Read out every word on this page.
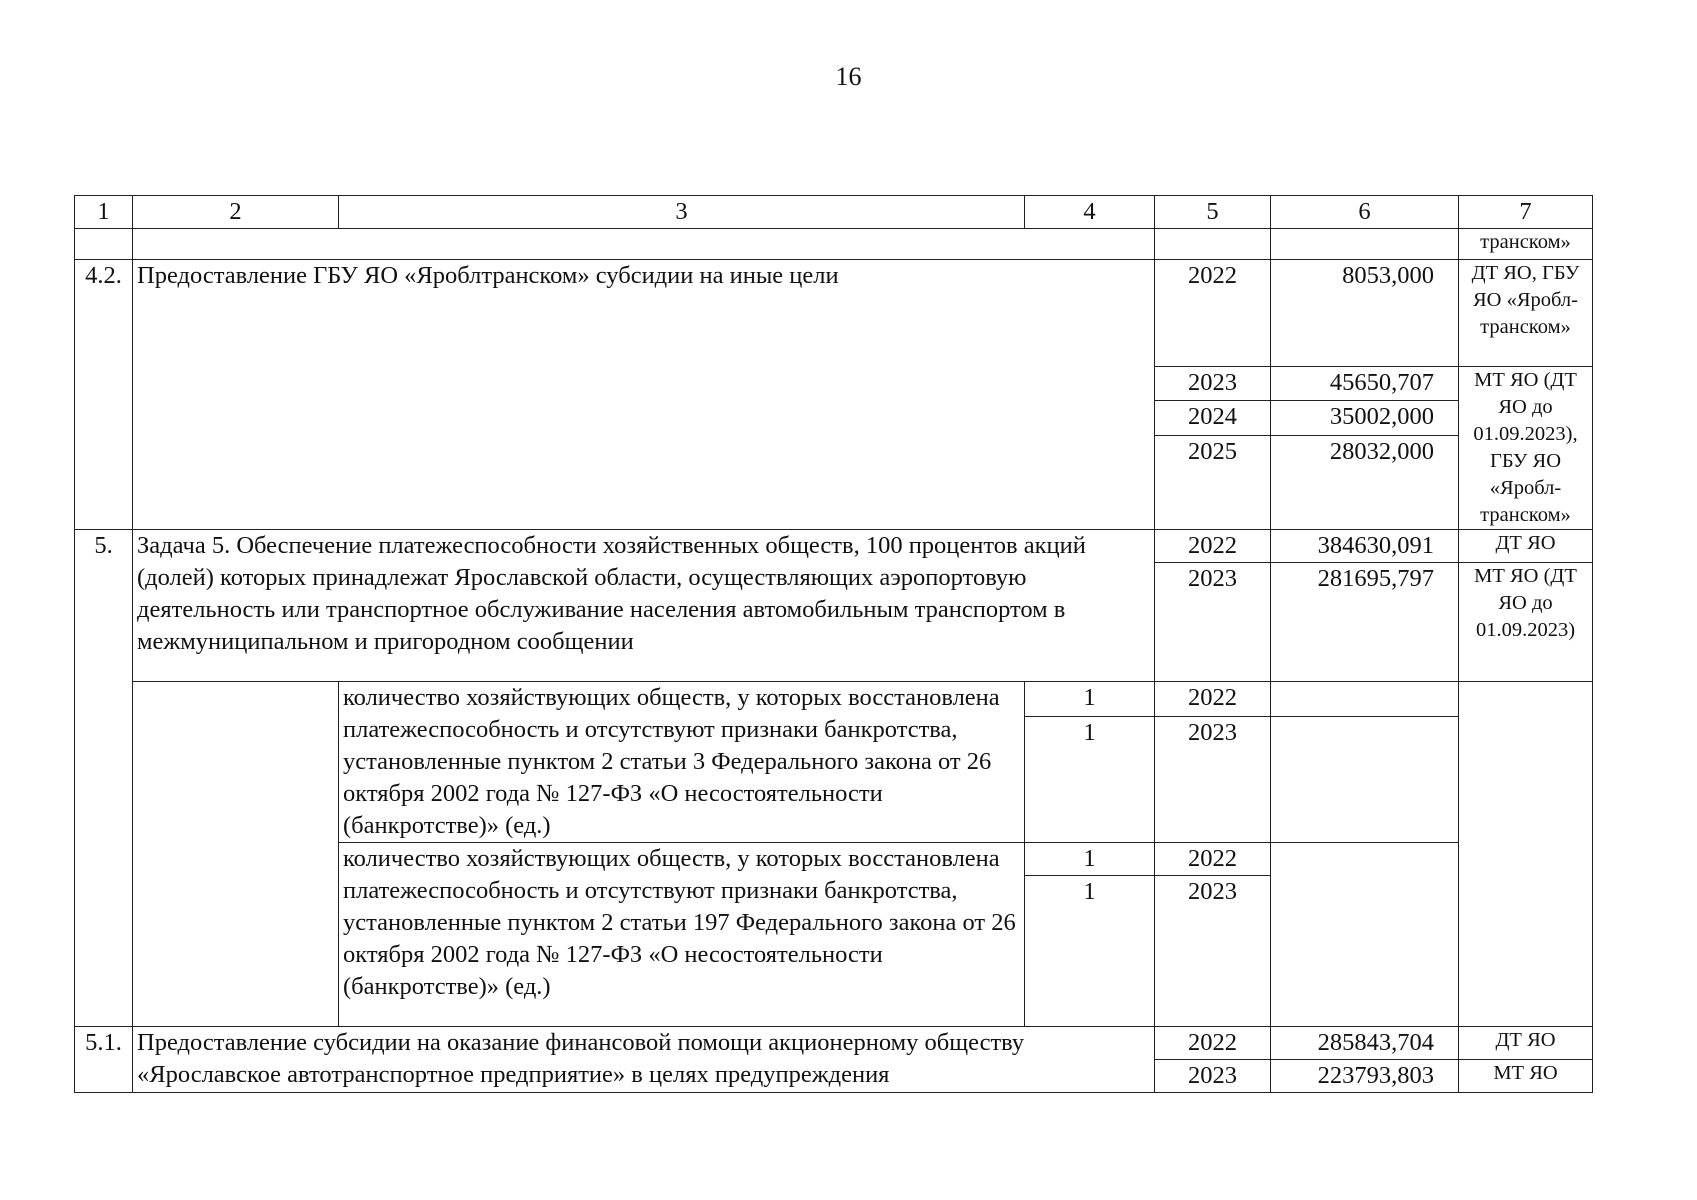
16
1	2	3	4	5	6	7
						транском»
4.2.	Предоставление ГБУ ЯО «Яроблтранском» субсидии на иные цели			2022	8053,000	ДТ ЯО, ГБУ ЯО «Яробл-транском»
				2023	45650,707	МТ ЯО (ДТ ЯО до 01.09.2023), ГБУ ЯО «Яробл-транском»
				2024	35002,000	
				2025	28032,000	
5.	Задача 5. Обеспечение платежеспособности хозяйственных обществ, 100 процентов акций (долей) которых принадлежат Ярославской области, осуществляющих аэропортовую деятельность или транспортное обслуживание населения автомобильным транспортом в межмуниципальном и пригородном сообщении			2022	384630,091	ДТ ЯО
				2023	281695,797	МТ ЯО (ДТ ЯО до 01.09.2023)
		количество хозяйствующих обществ, у которых восстановлена платежеспособность и отсутствуют признаки банкротства, установленные пунктом 2 статьи 3 Федерального закона от 26 октября 2002 года № 127-ФЗ «О несостоятельности (банкротстве)» (ед.)	1	2022		
			1	2023		
		количество хозяйствующих обществ, у которых восстановлена платежеспособность и отсутствуют признаки банкротства, установленные пунктом 2 статьи 197 Федерального закона от 26 октября 2002 года № 127-ФЗ «О несостоятельности (банкротстве)» (ед.)	1	2022		
			1	2023		
5.1.	Предоставление субсидии на оказание финансовой помощи акционерному обществу «Ярославское автотранспортное предприятие» в целях предупреждения			2022	285843,704	ДТ ЯО
				2023	223793,803	МТ ЯО
